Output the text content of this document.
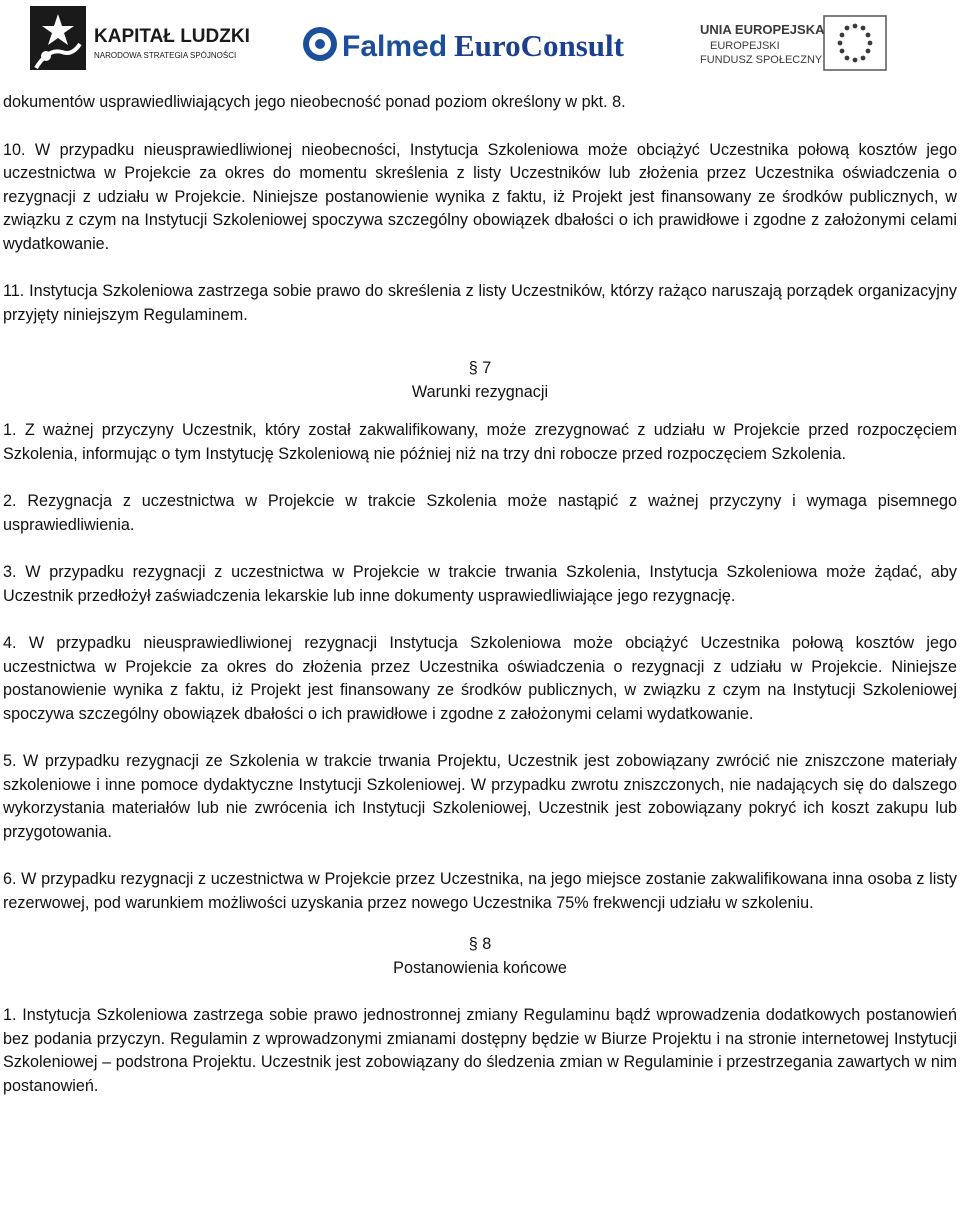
KAPITAŁ LUDZKI
NARODOWA STRATEGIA SPÓJNOŚCI	Falmed EuroConsult	UNIA EUROPEJSKA
EUROPEJSKI
FUNDUSZ SPOŁECZNY

dokumentów usprawiedliwiających jego nieobecność ponad poziom określony w pkt. 8.

10. W przypadku nieusprawiedliwionej nieobecności, Instytucja Szkoleniowa może obciążyć Uczestnika połową kosztów jego uczestnictwa w Projekcie za okres do momentu skreślenia z listy Uczestników lub złożenia przez Uczestnika oświadczenia o rezygnacji z udziału w Projekcie. Niniejsze postanowienie wynika z faktu, iż Projekt jest finansowany ze środków publicznych, w związku z czym na Instytucji Szkoleniowej spoczywa szczególny obowiązek dbałości o ich prawidłowe i zgodne z założonymi celami wydatkowanie.

11. Instytucja Szkoleniowa zastrzega sobie prawo do skreślenia z listy Uczestników, którzy rażąco naruszają porządek organizacyjny przyjęty niniejszym Regulaminem.

§ 7
Warunki rezygnacji

1. Z ważnej przyczyny Uczestnik, który został zakwalifikowany, może zrezygnować z udziału w Projekcie przed rozpoczęciem Szkolenia, informując o tym Instytucję Szkoleniową nie później niż na trzy dni robocze przed rozpoczęciem Szkolenia.

2. Rezygnacja z uczestnictwa w Projekcie w trakcie Szkolenia może nastąpić z ważnej przyczyny i wymaga pisemnego usprawiedliwienia.

3. W przypadku rezygnacji z uczestnictwa w Projekcie w trakcie trwania Szkolenia, Instytucja Szkoleniowa może żądać, aby Uczestnik przedłożył zaświadczenia lekarskie lub inne dokumenty usprawiedliwiające jego rezygnację.

4. W przypadku nieusprawiedliwionej rezygnacji Instytucja Szkoleniowa może obciążyć Uczestnika połową kosztów jego uczestnictwa w Projekcie za okres do złożenia przez Uczestnika oświadczenia o rezygnacji z udziału w Projekcie. Niniejsze postanowienie wynika z faktu, iż Projekt jest finansowany ze środków publicznych, w związku z czym na Instytucji Szkoleniowej spoczywa szczególny obowiązek dbałości o ich prawidłowe i zgodne z założonymi celami wydatkowanie.

5. W przypadku rezygnacji ze Szkolenia w trakcie trwania Projektu, Uczestnik jest zobowiązany zwrócić nie zniszczone materiały szkoleniowe i inne pomoce dydaktyczne Instytucji Szkoleniowej. W przypadku zwrotu zniszczonych, nie nadających się do dalszego wykorzystania materiałów lub nie zwrócenia ich Instytucji Szkoleniowej, Uczestnik jest zobowiązany pokryć ich koszt zakupu lub przygotowania.

6. W przypadku rezygnacji z uczestnictwa w Projekcie przez Uczestnika, na jego miejsce zostanie zakwalifikowana inna osoba z listy rezerwowej, pod warunkiem możliwości uzyskania przez nowego Uczestnika 75% frekwencji udziału w szkoleniu.

§ 8
Postanowienia końcowe

1. Instytucja Szkoleniowa zastrzega sobie prawo jednostronnej zmiany Regulaminu bądź wprowadzenia dodatkowych postanowień bez podania przyczyn. Regulamin z wprowadzonymi zmianami dostępny będzie w Biurze Projektu i na stronie internetowej Instytucji Szkoleniowej – podstrona Projektu. Uczestnik jest zobowiązany do śledzenia zmian w Regulaminie i przestrzegania zawartych w nim postanowień.
